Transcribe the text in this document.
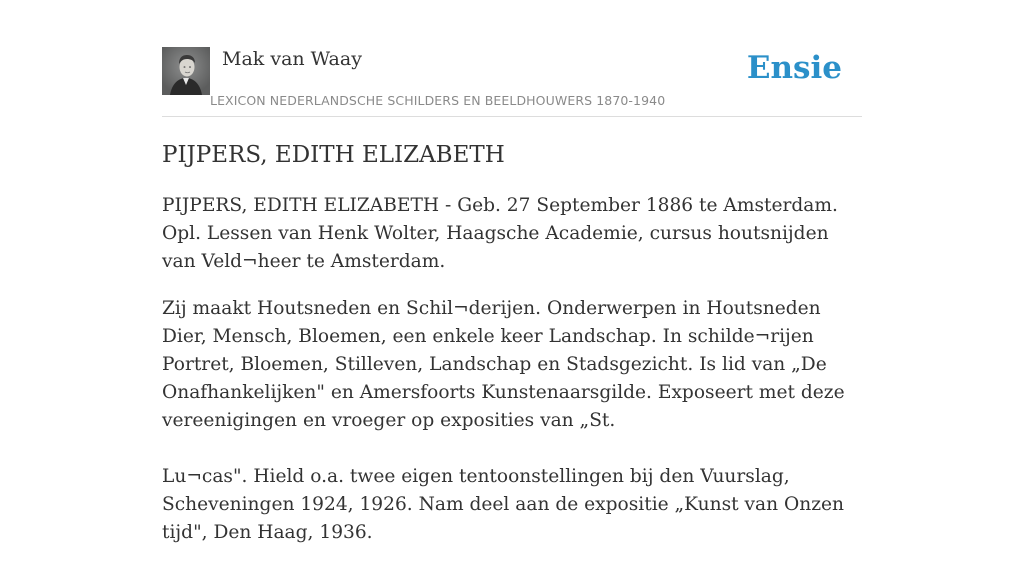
Mak van Waay
LEXICON NEDERLANDSCHE SCHILDERS EN BEELDHOUWERS 1870-1940
Ensie
PIJPERS, EDITH ELIZABETH

PIJPERS, EDITH ELIZABETH - Geb. 27 September 1886 te Amsterdam. Opl. Lessen van Henk Wolter, Haagsche Academie, cursus houtsnijden van Veld¬heer te Amsterdam.

Zij maakt Houtsneden en Schil¬derijen. Onderwerpen in Houtsneden Dier, Mensch, Bloemen, een enkele keer Landschap. In schilde¬rijen Portret, Bloemen, Stilleven, Landschap en Stadsgezicht. Is lid van „De Onafhankelijken" en Amersfoorts Kunstenaarsgilde. Exposeert met deze vereenigingen en vroeger op exposities van „St.

Lu¬cas". Hield o.a. twee eigen tentoonstellingen bij den Vuurslag, Scheveningen 1924, 1926. Nam deel aan de expositie „Kunst van Onzen tijd", Den Haag, 1936.
